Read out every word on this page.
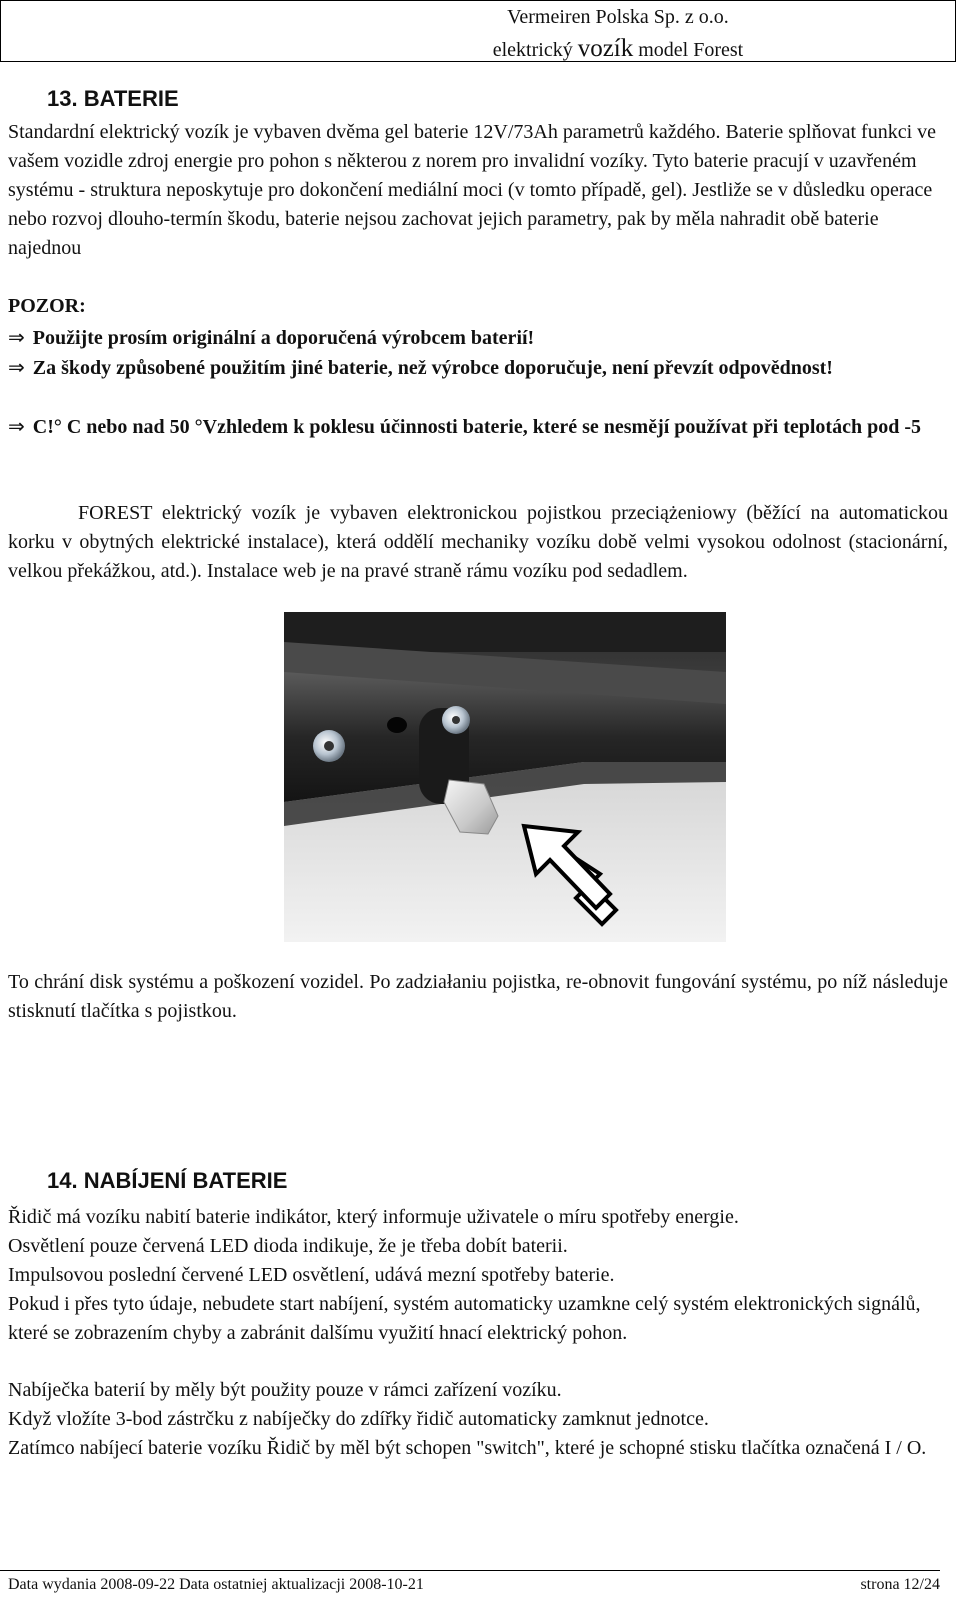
Vermeiren Polska Sp. z o.o.
elektrický vozík model Forest
13. BATERIE
Standardní elektrický vozík je vybaven dvěma gel baterie 12V/73Ah parametrů každého. Baterie splňovat funkci ve vašem vozidle zdroj energie pro pohon s některou z norem pro invalidní vozíky. Tyto baterie pracují v uzavřeném systému - struktura neposkytuje pro dokončení mediální moci (v tomto případě, gel). Jestliže se v důsledku operace nebo rozvoj dlouho-termín škodu, baterie nejsou zachovat jejich parametry, pak by měla nahradit obě baterie najednou
POZOR:
⇒ Použijte prosím originální a doporučená výrobcem baterií!
⇒ Za škody způsobené použitím jiné baterie, než výrobce doporučuje, není převzít odpovědnost!
⇒ C!° C nebo nad 50 °Vzhledem k poklesu účinnosti baterie, které se nesmějí používat při teplotách pod -5
FOREST elektrický vozík je vybaven elektronickou pojistkou przeciążeniowy (běžící na automatickou korku v obytných elektrické instalace), která oddělí mechaniky vozíku době velmi vysokou odolnost (stacionární, velkou překážkou, atd.). Instalace web je na pravé straně rámu vozíku pod sedadlem.
To chrání disk systému a poškození vozidel. Po zadziałaniu pojistka, re-obnovit fungování systému, po níž následuje stisknutí tlačítka s pojistkou.
14. NABÍJENÍ BATERIE
Řidič má vozíku nabití baterie indikátor, který informuje uživatele o míru spotřeby energie.
Osvětlení pouze červená LED dioda indikuje, že je třeba dobít baterii.
Impulsovou poslední červené LED osvětlení, udává mezní spotřeby baterie.
Pokud i přes tyto údaje, nebudete start nabíjení, systém automaticky uzamkne celý systém elektronických signálů, které se zobrazením chyby a zabránit dalšímu využití hnací elektrický pohon.
Nabíječka baterií by měly být použity pouze v rámci zařízení vozíku.
Když vložíte 3-bod zástrčku z nabíječky do zdířky řidič automaticky zamknut jednotce.
Zatímco nabíjecí baterie vozíku Řidič by měl být schopen "switch", které je schopné stisku tlačítka označená I / O.
Data wydania 2008-09-22 Data ostatniej aktualizacji 2008-10-21	strona 12/24
